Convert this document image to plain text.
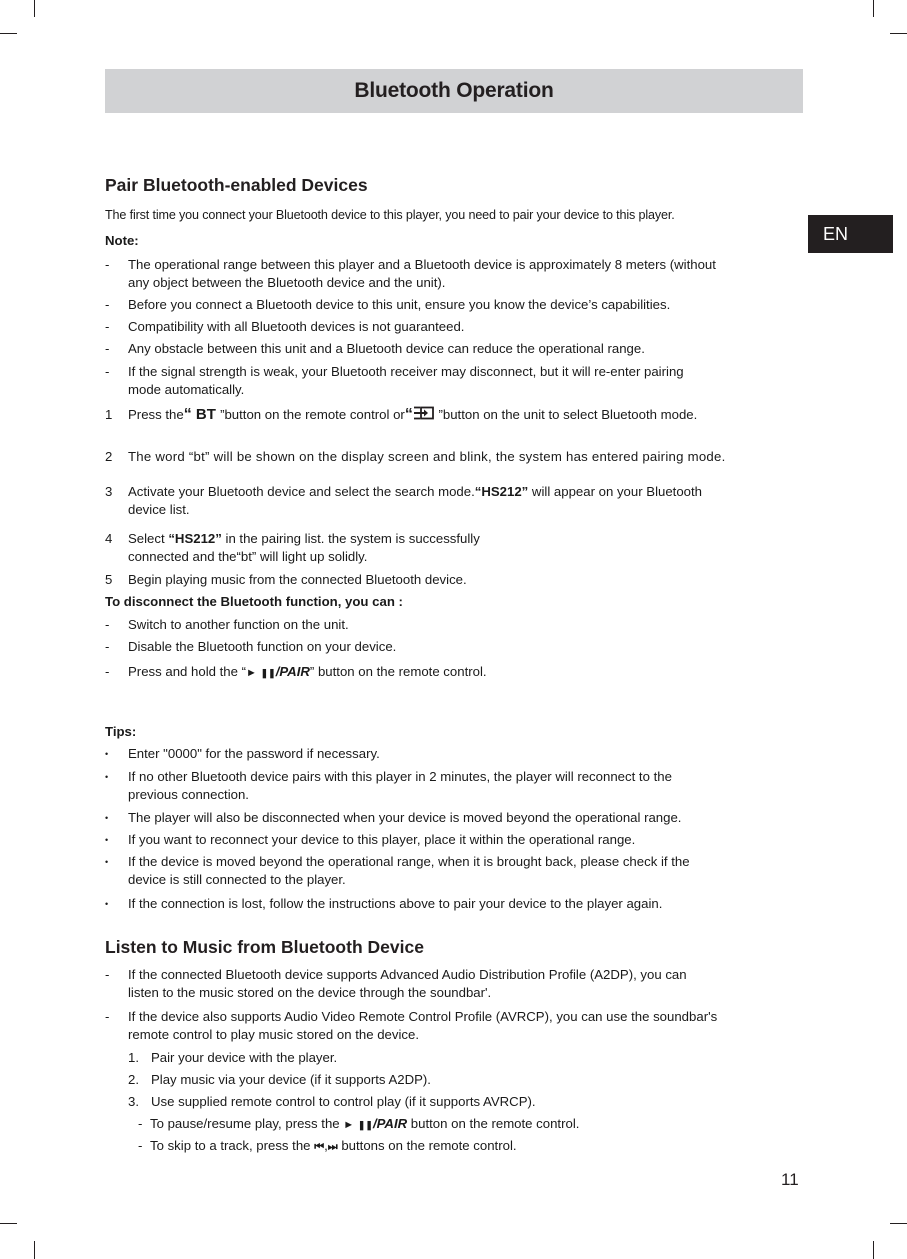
Bluetooth Operation
EN
Pair Bluetooth-enabled Devices
The first time you connect your Bluetooth device to this player, you need to pair your device to this player.
Note:
-	The operational range between this player and a Bluetooth device is approximately 8 meters (without
any object between the Bluetooth device and the unit).
-	Before you connect a Bluetooth device to this unit, ensure you know the device’s capabilities.
-	Compatibility with all Bluetooth devices is not guaranteed.
-	Any obstacle between this unit and a Bluetooth device can reduce the operational range.
-	If the signal strength is weak, your Bluetooth receiver may disconnect, but it will re-enter pairing
mode automatically.
1	Press the“ BT ”button on the remote control or“ ”button on the unit to select Bluetooth mode.
2	The word “bt” will be shown on the display screen and blink, the system has entered pairing mode.
3	Activate your Bluetooth device and select the search mode.“HS212” will appear on your Bluetooth
device list.
4	Select “HS212” in the pairing list. the system is successfully
connected and the“bt” will light up solidly.
5	Begin playing music from the connected Bluetooth device.
To disconnect the Bluetooth function, you can :
-	Switch to another function on the unit.
-	Disable the Bluetooth function on your device.
-	Press and hold the “► ❚❚/PAIR” button on the remote control.
Tips:
•	Enter "0000" for the password if necessary.
•	If no other Bluetooth device pairs with this player in 2 minutes, the player will reconnect to the
previous connection.
•	The player will also be disconnected when your device is moved beyond the operational range.
•	If you want to reconnect your device to this player, place it within the operational range.
•	If the device is moved beyond the operational range, when it is brought back, please check if the
device is still connected to the player.
•	If the connection is lost, follow the instructions above to pair your device to the player again.
Listen to Music from Bluetooth Device
-	If the connected Bluetooth device supports Advanced Audio Distribution Profile (A2DP), you can
listen to the music stored on the device through the soundbar'.
-	If the device also supports Audio Video Remote Control Profile (AVRCP), you can use the soundbar's
remote control to play music stored on the device.
1. Pair your device with the player.
2. Play music via your device (if it supports A2DP).
3. Use supplied remote control to control play (if it supports AVRCP).
- To pause/resume play, press the ► ❚❚/PAIR button on the remote control.
- To skip to a track, press the ⏮,⏭ buttons on the remote control.
11
